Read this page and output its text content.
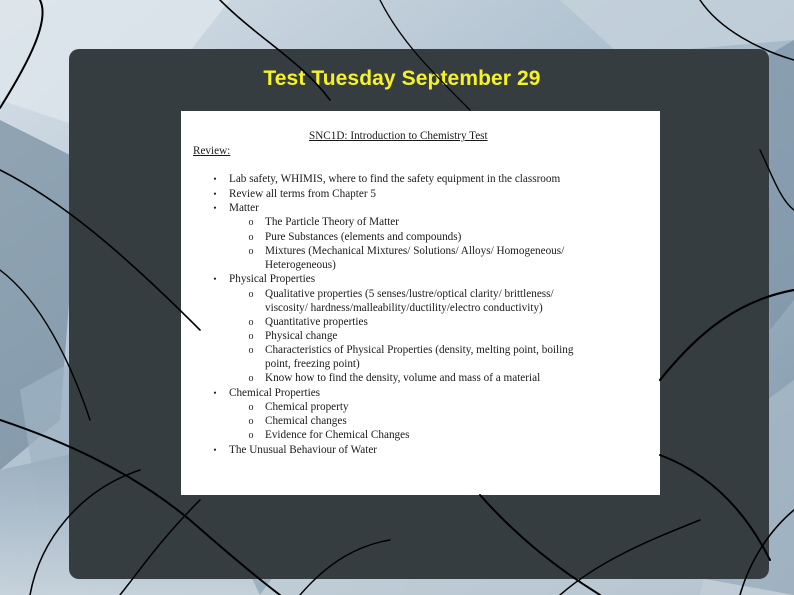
Test Tuesday September 29
SNC1D: Introduction to Chemistry Test
Review:
• Lab safety, WHIMIS, where to find the safety equipment in the classroom
• Review all terms from Chapter 5
• Matter
o The Particle Theory of Matter
o Pure Substances (elements and compounds)
o Mixtures (Mechanical Mixtures/ Solutions/ Alloys/ Homogeneous/
Heterogeneous)
• Physical Properties
o Qualitative properties (5 senses/lustre/optical clarity/ brittleness/
viscosity/ hardness/malleability/ductility/electro conductivity)
o Quantitative properties
o Physical change
o Characteristics of Physical Properties (density, melting point, boiling
point, freezing point)
o Know how to find the density, volume and mass of a material
• Chemical Properties
o Chemical property
o Chemical changes
o Evidence for Chemical Changes
• The Unusual Behaviour of Water
